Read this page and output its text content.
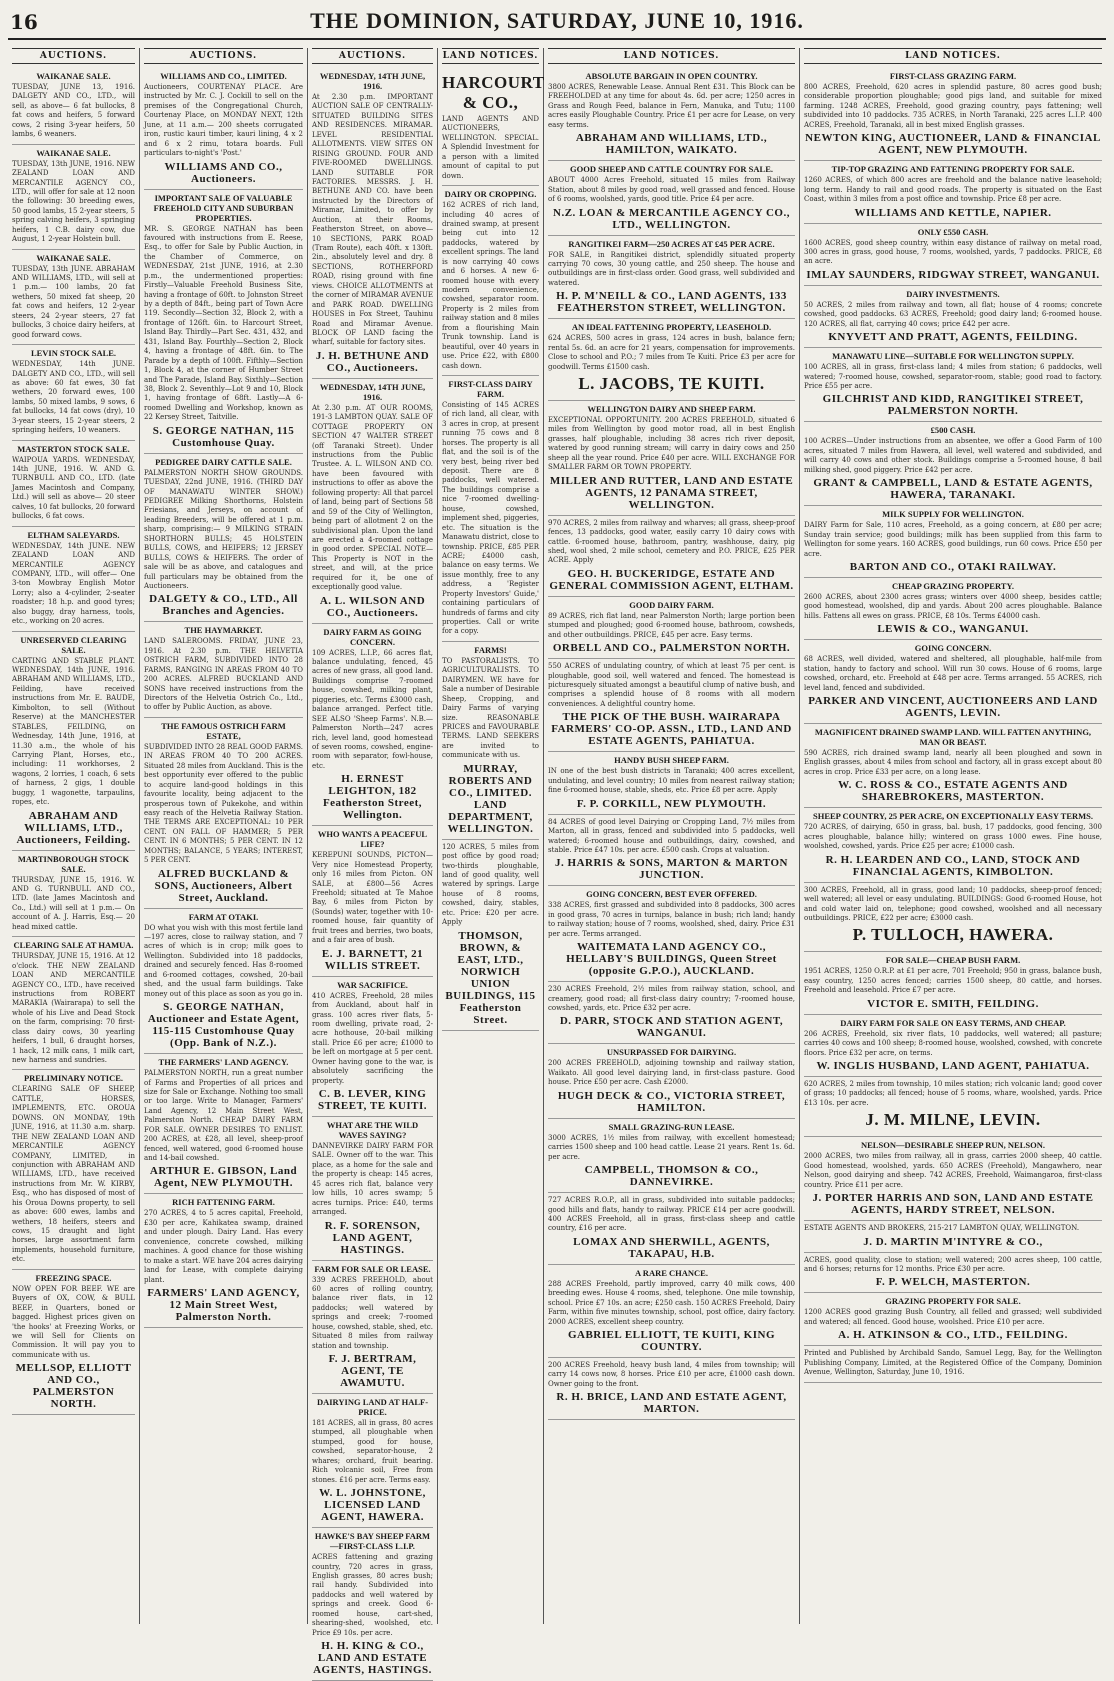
16	THE DOMINION, SATURDAY, JUNE 10, 1916.
AUCTIONS.
WAIKANAE SALE.

TUESDAY, JUNE 13, 1916. DALGETY AND CO., LTD., will sell, as above— 6 fat bullocks, 8 fat cows and heifers, 5 forward cows, 2 rising 3-year heifers, 50 lambs, 6 weaners.

WAIKANAE SALE.

TUESDAY, 13th JUNE, 1916. NEW ZEALAND LOAN AND MERCANTILE AGENCY CO., LTD., will offer for sale at 12 noon the following: 30 breeding ewes, 50 good lambs, 15 2-year steers, 5 spring calving heifers, 3 springing heifers, 1 C.B. dairy cow, due August, 1 2-year Holstein bull.

WAIKANAE SALE.

TUESDAY, 13th JUNE. ABRAHAM AND WILLIAMS, LTD., will sell at 1 p.m.— 100 lambs, 20 fat wethers, 50 mixed fat sheep, 20 fat cows and heifers, 12 2-year steers, 24 2-year steers, 27 fat bullocks, 3 choice dairy heifers, at good forward cows.

LEVIN STOCK SALE.

WEDNESDAY, 14th JUNE. DALGETY AND CO., LTD., will sell as above: 60 fat ewes, 30 fat wethers, 20 forward ewes, 100 lambs, 50 mixed lambs, 9 sows, 6 fat bullocks, 14 fat cows (dry), 10 3-year steers, 15 2-year steers, 2 springing heifers, 10 weaners.

MASTERTON STOCK SALE.

WAIPOUA YARDS. WEDNESDAY, 14th JUNE, 1916. W. AND G. TURNBULL AND CO., LTD. (late James Macintosh and Company, Ltd.) will sell as above— 20 steer calves, 10 fat bullocks, 20 forward bullocks, 6 fat cows.

ELTHAM SALEYARDS.

WEDNESDAY, 14th JUNE. NEW ZEALAND LOAN AND MERCANTILE AGENCY COMPANY, LTD., will offer— One 3-ton Mowbray English Motor Lorry; also a 4-cylinder, 2-seater roadster; 18 h.p. and good tyres; also buggy, dray harness, tools, etc., working on 20 acres.

UNRESERVED CLEARING SALE.

CARTING AND STABLE PLANT. WEDNESDAY, 14th JUNE, 1916. ABRAHAM AND WILLIAMS, LTD., Feilding, have received instructions from Mr. E. BAUDE, Kimbolton, to sell (Without Reserve) at the MANCHESTER STABLES, FEILDING, on Wednesday, 14th June, 1916, at 11.30 a.m., the whole of his Carrying Plant, Horses, etc., including: 11 workhorses, 2 wagons, 2 lorries, 1 coach, 6 sets of harness, 2 gigs, 1 double buggy, 1 wagonette, tarpaulins, ropes, etc.

ABRAHAM AND WILLIAMS, LTD., Auctioneers, Feilding.
MARTINBOROUGH STOCK SALE.

THURSDAY, JUNE 15, 1916. W. AND G. TURNBULL AND CO., LTD. (late James Macintosh and Co., Ltd.) will sell at 1 p.m.— On account of A. J. Harris, Esq.— 20 head mixed cattle.

CLEARING SALE AT HAMUA.

THURSDAY, JUNE 15, 1916. At 12 o'clock. THE NEW ZEALAND LOAN AND MERCANTILE AGENCY CO., LTD., have received instructions from ROBERT MARAKIA (Wairarapa) to sell the whole of his Live and Dead Stock on the farm, comprising: 70 first-class dairy cows, 30 yearling heifers, 1 bull, 6 draught horses, 1 hack, 12 milk cans, 1 milk cart, new harness and sundries.

PRELIMINARY NOTICE.

CLEARING SALE OF SHEEP, CATTLE, HORSES, IMPLEMENTS, ETC. OROUA DOWNS. ON MONDAY, 19th JUNE, 1916, at 11.30 a.m. sharp. THE NEW ZEALAND LOAN AND MERCANTILE AGENCY COMPANY, LIMITED, in conjunction with ABRAHAM AND WILLIAMS, LTD., have received instructions from Mr. W. KIRBY, Esq., who has disposed of most of his Oroua Downs property, to sell as above: 600 ewes, lambs and wethers, 18 heifers, steers and cows, 15 draught and light horses, large assortment farm implements, household furniture, etc.

FREEZING SPACE.

NOW OPEN FOR BEEF. WE are Buyers of OX, COW, & BULL BEEF, in Quarters, boned or bagged. Highest prices given on 'the hooks' at Freezing Works, or we will Sell for Clients on Commission. It will pay you to communicate with us.

MELLSOP, ELLIOTT AND CO., PALMERSTON NORTH.
AUCTIONS.
WILLIAMS AND CO., LIMITED.

Auctioneers, COURTENAY PLACE. Are instructed by Mr. C. J. Cockill to sell on the premises of the Congregational Church, Courtenay Place, on MONDAY NEXT, 12th June, at 11 a.m.— 200 sheets corrugated iron, rustic kauri timber, kauri lining, 4 x 2 and 6 x 2 rimu, totara boards. Full particulars to-night's 'Post.'

WILLIAMS AND CO., Auctioneers.
IMPORTANT SALE OF VALUABLE FREEHOLD CITY AND SUBURBAN PROPERTIES.

MR. S. GEORGE NATHAN has been favoured with instructions from E. Reese, Esq., to offer for Sale by Public Auction, in the Chamber of Commerce, on WEDNESDAY, 21st JUNE, 1916, at 2.30 p.m., the undermentioned properties: Firstly—Valuable Freehold Business Site, having a frontage of 60ft. to Johnston Street by a depth of 84ft., being part of Town Acre 119. Secondly—Section 32, Block 2, with a frontage of 126ft. 6in. to Harcourt Street, Island Bay. Thirdly—Part Sec. 431, 432, and 431, Island Bay. Fourthly—Section 2, Block 4, having a frontage of 48ft. 6in. to The Parade by a depth of 100ft. Fifthly—Section 1, Block 4, at the corner of Humber Street and The Parade, Island Bay. Sixthly—Section 38, Block 2. Seventhly—Lot 9 and 10, Block 1, having frontage of 68ft. Lastly—A 6-roomed Dwelling and Workshop, known as 22 Kersey Street, Taitville.

S. GEORGE NATHAN, 115 Customhouse Quay.
PEDIGREE DAIRY CATTLE SALE.

PALMERSTON NORTH SHOW GROUNDS. TUESDAY, 22nd JUNE, 1916. (THIRD DAY OF MANAWATU WINTER SHOW.) PEDIGREE Milking Shorthorns, Holstein Friesians, and Jerseys, on account of leading Breeders, will be offered at 1 p.m. sharp, comprising:— 9 MILKING STRAIN SHORTHORN BULLS; 45 HOLSTEIN BULLS, COWS, and HEIFERS; 12 JERSEY BULLS, COWS & HEIFERS. The order of sale will be as above, and catalogues and full particulars may be obtained from the Auctioneers.

DALGETY & CO., LTD., All Branches and Agencies.
THE HAYMARKET.

LAND SALEROOMS. FRIDAY, JUNE 23, 1916. At 2.30 p.m. THE HELVETIA OSTRICH FARM, SUBDIVIDED INTO 28 FARMS, RANGING IN AREAS FROM 40 TO 200 ACRES. ALFRED BUCKLAND AND SONS have received instructions from the Directors of the Helvetia Ostrich Co., Ltd., to offer by Public Auction, as above.

THE FAMOUS OSTRICH FARM ESTATE,

SUBDIVIDED INTO 28 REAL GOOD FARMS. IN AREAS FROM 40 TO 200 ACRES. Situated 28 miles from Auckland. This is the best opportunity ever offered to the public to acquire land-good holdings in this favourite locality, being adjacent to the prosperous town of Pukekohe, and within easy reach of the Helvetia Railway Station. THE TERMS ARE EXCEPTIONAL: 10 PER CENT. ON FALL OF HAMMER; 5 PER CENT. IN 6 MONTHS; 5 PER CENT. IN 12 MONTHS; BALANCE, 5 YEARS; INTEREST, 5 PER CENT.

ALFRED BUCKLAND & SONS, Auctioneers, Albert Street, Auckland.
FARM AT OTAKI.

DO what you wish with this most fertile land—197 acres, close to railway station, and 7 acres of which is in crop; milk goes to Wellington. Subdivided into 18 paddocks, drained and securely fenced. Has 8-roomed and 6-roomed cottages, cowshed, 20-bail shed, and the usual farm buildings. Take money out of this place as soon as you go in.

S. GEORGE NATHAN, Auctioneer and Estate Agent, 115-115 Customhouse Quay (Opp. Bank of N.Z.).
THE FARMERS' LAND AGENCY.

PALMERSTON NORTH, run a great number of Farms and Properties of all prices and size for Sale or Exchange. Nothing too small or too large. Write to Manager, Farmers' Land Agency, 12 Main Street West, Palmerston North. CHEAP DAIRY FARM FOR SALE. OWNER DESIRES TO ENLIST. 200 ACRES, at £28, all level, sheep-proof fenced, well watered, good 6-roomed house and 14-bail cowshed.

ARTHUR E. GIBSON, Land Agent, NEW PLYMOUTH.
RICH FATTENING FARM.

270 ACRES, 4 to 5 acres capital, Freehold, £30 per acre, Kahikatea swamp, drained and under plough. Dairy Land. Has every convenience, concrete cowshed, milking machines. A good chance for those wishing to make a start. WE have 204 acres dairying land for Lease, with complete dairying plant.

FARMERS' LAND AGENCY, 12 Main Street West, Palmerston North.
AUCTIONS.
WEDNESDAY, 14TH JUNE, 1916.

At 2.30 p.m. IMPORTANT AUCTION SALE OF CENTRALLY-SITUATED BUILDING SITES AND RESIDENCES. MIRAMAR. LEVEL RESIDENTIAL ALLOTMENTS. VIEW SITES ON RISING GROUND. FOUR AND FIVE-ROOMED DWELLINGS. LAND SUITABLE FOR FACTORIES. MESSRS. J. H. BETHUNE AND CO. have been instructed by the Directors of Miramar, Limited, to offer by Auction, at their Rooms, Featherston Street, on above— 10 SECTIONS, PARK ROAD (Tram Route), each 40ft. x 130ft. 2in., absolutely level and dry. 8 SECTIONS, ROTHERFORD ROAD, rising ground with fine views. CHOICE ALLOTMENTS at the corner of MIRAMAR AVENUE and PARK ROAD. DWELLING HOUSES in Fox Street, Tauhinu Road and Miramar Avenue. BLOCK OF LAND facing the wharf, suitable for factory sites.

J. H. BETHUNE AND CO., Auctioneers.
WEDNESDAY, 14TH JUNE, 1916.

At 2.30 p.m. AT OUR ROOMS, 191-3 LAMBTON QUAY. SALE OF COTTAGE PROPERTY ON SECTION 47 WALTER STREET (off Taranaki Street). Under instructions from the Public Trustee. A. L. WILSON AND CO. have been favoured with instructions to offer as above the following property: All that parcel of land, being part of Sections 58 and 59 of the City of Wellington, being part of allotment 2 on the subdivisional plan. Upon the land are erected a 4-roomed cottage in good order. SPECIAL NOTE—This Property is NOT in the street, and will, at the price required for it, be one of exceptionally good value.

A. L. WILSON AND CO., Auctioneers.
DAIRY FARM AS GOING CONCERN.

109 ACRES, L.I.P., 66 acres flat, balance undulating, fenced, 45 acres of new grass, all good land. Buildings comprise 7-roomed house, cowshed, milking plant, piggeries, etc. Terms £3000 cash, balance arranged. Perfect title. SEE ALSO 'Sheep Farms'. N.B.—Palmerston North—247 acres rich, level land, good homestead of seven rooms, cowshed, engine-room with separator, fowl-house, etc.

H. ERNEST LEIGHTON, 182 Featherston Street, Wellington.
WHO WANTS A PEACEFUL LIFE?

KEREPUNI SOUNDS, PICTON—Very nice Homestead Property, only 16 miles from Picton. ON SALE, at £800—56 Acres Freehold; situated at Te Mahoe Bay, 6 miles from Picton by (Sounds) water, together with 10-roomed house, fair quantity of fruit trees and berries, two boats, and a fair area of bush.

E. J. BARNETT, 21 WILLIS STREET.
WAR SACRIFICE.

410 ACRES, Freehold, 28 miles from Auckland, about half in grass. 100 acres river flats, 5-room dwelling, private road, 2-acre hothouse, 20-bail milking stall. Price £6 per acre; £1000 to be left on mortgage at 5 per cent. Owner having gone to the war, is absolutely sacrificing the property.

C. B. LEVER, KING STREET, TE KUITI.
WHAT ARE THE WILD WAVES SAYING?

DANNEVIRKE DAIRY FARM FOR SALE. Owner off to the war. This place, as a home for the sale and the property is cheap: 145 acres, 45 acres rich flat, balance very low hills, 10 acres swamp; 5 acres turnips. Price: £40, terms arranged.

R. F. SORENSON, LAND AGENT, HASTINGS.
FARM FOR SALE OR LEASE.

339 ACRES FREEHOLD, about 60 acres of rolling country, balance river flats, in 12 paddocks; well watered by springs and creek; 7-roomed house, cowshed, stable, shed, etc. Situated 8 miles from railway station and township.

F. J. BERTRAM, AGENT, TE AWAMUTU.
DAIRYING LAND AT HALF-PRICE.

181 ACRES, all in grass, 80 acres stumped, all ploughable when stumped, good for house, cowshed, separator-house, 2 whares; orchard, fruit bearing. Rich volcanic soil, Free from stones. £16 per acre. Terms easy.

W. L. JOHNSTONE, LICENSED LAND AGENT, HAWERA.
HAWKE'S BAY SHEEP FARM—FIRST-CLASS L.I.P.

ACRES fattening and grazing country, 720 acres in grass, English grasses, 80 acres bush; rail handy. Subdivided into paddocks and well watered by springs and creek. Good 6-roomed house, cart-shed, shearing-shed, woolshed, etc. Price £9 10s. per acre.

H. H. KING & CO., LAND AND ESTATE AGENTS, HASTINGS.
LAND NOTICES.
HARCOURT & CO.,

LAND AGENTS AND AUCTIONEERS, WELLINGTON. SPECIAL. A Splendid Investment for a person with a limited amount of capital to put down.

DAIRY OR CROPPING.

162 ACRES of rich land, including 40 acres of drained swamp, at present being cut into 12 paddocks, watered by excellent springs. The land is now carrying 40 cows and 6 horses. A new 6-roomed house with every modern convenience, cowshed, separator room. Property is 2 miles from railway station and 8 miles from a flourishing Main Trunk township. Land is beautiful, over 40 years in use. Price £22, with £800 cash down.

FIRST-CLASS DAIRY FARM.

Consisting of 145 ACRES of rich land, all clear, with 3 acres in crop, at present running 75 cows and 8 horses. The property is all flat, and the soil is of the very best, being river bed deposit. There are 8 paddocks, well watered. The buildings comprise a nice 7-roomed dwelling-house, cowshed, implement shed, piggeries, etc. The situation is the Manawatu district, close to township. PRICE, £85 PER ACRE; £4000 cash, balance on easy terms. We issue monthly, free to any address, a 'Register Property Investors' Guide,' containing particulars of hundreds of farms and city properties. Call or write for a copy.

FARMS!

TO PASTORALISTS. TO AGRICULTURALISTS. TO DAIRYMEN. WE have for Sale a number of Desirable Sheep, Cropping, and Dairy Farms of varying size. REASONABLE PRICES and FAVOURABLE TERMS. LAND SEEKERS are invited to communicate with us.

MURRAY, ROBERTS AND CO., LIMITED. LAND DEPARTMENT, WELLINGTON.

120 ACRES, 5 miles from post office by good road; two-thirds ploughable, land of good quality, well watered by springs. Large house of 8 rooms, cowshed, dairy, stables, etc. Price: £20 per acre. Apply

THOMSON, BROWN, & EAST, LTD., NORWICH UNION BUILDINGS, 115 Featherston Street.
LAND NOTICES.
ABSOLUTE BARGAIN IN OPEN COUNTRY.

3800 ACRES, Renewable Lease. Annual Rent £31. This Block can be FREEHOLDED at any time for about 4s. 6d. per acre; 1250 acres in Grass and Rough Feed, balance in Fern, Manuka, and Tutu; 1100 acres easily Ploughable Country. Price £1 per acre for Lease, on very easy terms.

ABRAHAM AND WILLIAMS, LTD., HAMILTON, WAIKATO.
GOOD SHEEP AND CATTLE COUNTRY FOR SALE.

ABOUT 4000 Acres Freehold, situated 15 miles from Railway Station, about 8 miles by good road, well grassed and fenced. House of 6 rooms, woolshed, yards, good title. Price £4 per acre.

N.Z. LOAN & MERCANTILE AGENCY CO., LTD., WELLINGTON.
RANGITIKEI FARM—250 ACRES AT £45 PER ACRE.

FOR SALE, in Rangitikei district, splendidly situated property carrying 70 cows, 30 young cattle, and 250 sheep. The house and outbuildings are in first-class order. Good grass, well subdivided and watered.

H. P. M'NEILL & CO., LAND AGENTS, 133 FEATHERSTON STREET, WELLINGTON.
AN IDEAL FATTENING PROPERTY, LEASEHOLD.

624 ACRES, 500 acres in grass, 124 acres in bush, balance fern; rental 5s. 6d. an acre for 21 years, compensation for improvements. Close to school and P.O.; 7 miles from Te Kuiti. Price £3 per acre for goodwill. Terms £1500 cash.

L. JACOBS, TE KUITI.
WELLINGTON DAIRY AND SHEEP FARM.

EXCEPTIONAL OPPORTUNITY. 200 ACRES FREEHOLD, situated 6 miles from Wellington by good motor road, all in best English grasses, half ploughable, including 38 acres rich river deposit, watered by good running stream; will carry in dairy cows and 250 sheep all the year round. Price £40 per acre. WILL EXCHANGE FOR SMALLER FARM OR TOWN PROPERTY.

MILLER AND RUTTER, LAND AND ESTATE AGENTS, 12 PANAMA STREET, WELLINGTON.

970 ACRES, 2 miles from railway and wharves; all grass, sheep-proof fences, 13 paddocks, good water, easily carry 10 dairy cows with cattle. 6-roomed house, bathroom, pantry, washhouse, dairy, pig shed, wool shed, 2 mile school, cemetery and P.O. PRICE, £25 PER ACRE. Apply

GEO. H. BUCKERIDGE, ESTATE AND GENERAL COMMISSION AGENT, ELTHAM.
GOOD DAIRY FARM.

89 ACRES, rich flat land, near Palmerston North; large portion been stumped and ploughed; good 6-roomed house, bathroom, cowsheds, and other outbuildings. PRICE, £45 per acre. Easy terms.

ORBELL AND CO., PALMERSTON NORTH.

550 ACRES of undulating country, of which at least 75 per cent. is ploughable, good soil, well watered and fenced. The homestead is picturesquely situated amongst a beautiful clump of native bush, and comprises a splendid house of 8 rooms with all modern conveniences. A delightful country home.

THE PICK OF THE BUSH. WAIRARAPA FARMERS' CO-OP. ASSN., LTD., LAND AND ESTATE AGENTS, PAHIATUA.
HANDY BUSH SHEEP FARM.

IN one of the best bush districts in Taranaki; 400 acres excellent, undulating, and level country; 10 miles from nearest railway station; fine 6-roomed house, stable, sheds, etc. Price £8 per acre. Apply

F. P. CORKILL, NEW PLYMOUTH.

84 ACRES of good level Dairying or Cropping Land, 7½ miles from Marton, all in grass, fenced and subdivided into 5 paddocks, well watered; 6-roomed house and outbuildings, dairy, cowshed, and stable. Price £47 10s. per acre. £500 cash. Crops at valuation.

J. HARRIS & SONS, MARTON & MARTON JUNCTION.
GOING CONCERN, BEST EVER OFFERED.

338 ACRES, first grassed and subdivided into 8 paddocks, 300 acres in good grass, 70 acres in turnips, balance in bush; rich land; handy to railway station; house of 7 rooms, woolshed, shed, dairy. Price £31 per acre. Terms arranged.

WAITEMATA LAND AGENCY CO., HELLABY'S BUILDINGS, Queen Street (opposite G.P.O.), AUCKLAND.

230 ACRES Freehold, 2½ miles from railway station, school, and creamery, good road; all first-class dairy country; 7-roomed house, cowshed, yards, etc. Price £32 per acre.

D. PARR, STOCK AND STATION AGENT, WANGANUI.
UNSURPASSED FOR DAIRYING.

200 ACRES FREEHOLD, adjoining township and railway station, Waikato. All good level dairying land, in first-class pasture. Good house. Price £50 per acre. Cash £2000.

HUGH DECK & CO., VICTORIA STREET, HAMILTON.
SMALL GRAZING-RUN LEASE.

3000 ACRES, 1½ miles from railway, with excellent homestead; carries 1500 sheep and 100 head cattle. Lease 21 years. Rent 1s. 6d. per acre.

CAMPBELL, THOMSON & CO., DANNEVIRKE.

727 ACRES R.O.P., all in grass, subdivided into suitable paddocks; good hills and flats, handy to railway. PRICE £14 per acre goodwill. 400 ACRES Freehold, all in grass, first-class sheep and cattle country, £16 per acre.

LOMAX AND SHERWILL, AGENTS, TAKAPAU, H.B.
A RARE CHANCE.

288 ACRES Freehold, partly improved, carry 40 milk cows, 400 breeding ewes. House 4 rooms, shed, telephone. One mile township, school. Price £7 10s. an acre; £250 cash. 150 ACRES Freehold, Dairy Farm, within five minutes township, school, post office, dairy factory. 2000 ACRES, excellent sheep country.

GABRIEL ELLIOTT, TE KUITI, KING COUNTRY.

200 ACRES Freehold, heavy bush land, 4 miles from township; will carry 14 cows now, 8 horses. Price £10 per acre, £1000 cash down. Owner going to the front.

R. H. BRICE, LAND AND ESTATE AGENT, MARTON.
LAND NOTICES.
FIRST-CLASS GRAZING FARM.

800 ACRES, Freehold, 620 acres in splendid pasture, 80 acres good bush; considerable proportion ploughable; good pigs land, and suitable for mixed farming. 1248 ACRES, Freehold, good grazing country, pays fattening; well subdivided into 10 paddocks. 735 ACRES, in North Taranaki, 225 acres L.I.P. 400 ACRES, Freehold, Taranaki, all in best mixed English grasses.

NEWTON KING, AUCTIONEER, LAND & FINANCIAL AGENT, NEW PLYMOUTH.
TIP-TOP GRAZING AND FATTENING PROPERTY FOR SALE.

1260 ACRES, of which 800 acres are freehold and the balance native leasehold; long term. Handy to rail and good roads. The property is situated on the East Coast, within 3 miles from a post office and township. Price £8 per acre.

WILLIAMS AND KETTLE, NAPIER.
ONLY £550 CASH.

1600 ACRES, good sheep country, within easy distance of railway on metal road, 300 acres in grass, good house, 7 rooms, woolshed, yards, 7 paddocks. PRICE, £8 an acre.

IMLAY SAUNDERS, RIDGWAY STREET, WANGANUI.
DAIRY INVESTMENTS.

50 ACRES, 2 miles from railway and town, all flat; house of 4 rooms; concrete cowshed, good paddocks. 63 ACRES, Freehold; good dairy land; 6-roomed house. 120 ACRES, all flat, carrying 40 cows; price £42 per acre.

KNYVETT AND PRATT, AGENTS, FEILDING.
MANAWATU LINE—SUITABLE FOR WELLINGTON SUPPLY.

100 ACRES, all in grass, first-class land; 4 miles from station; 6 paddocks, well watered; 7-roomed house, cowshed, separator-room, stable; good road to factory. Price £55 per acre.

GILCHRIST AND KIDD, RANGITIKEI STREET, PALMERSTON NORTH.
£500 CASH.

100 ACRES—Under instructions from an absentee, we offer a Good Farm of 100 acres, situated 7 miles from Hawera, all level, well watered and subdivided, and will carry 40 cows and other stock. Buildings comprise a 5-roomed house, 8 bail milking shed, good piggery. Price £42 per acre.

GRANT & CAMPBELL, LAND & ESTATE AGENTS, HAWERA, TARANAKI.
MILK SUPPLY FOR WELLINGTON.

DAIRY Farm for Sale, 110 acres, Freehold, as a going concern, at £80 per acre; Sunday train service; good buildings; milk has been supplied from this farm to Wellington for some years. 160 ACRES, good buildings, run 60 cows. Price £50 per acre.

BARTON AND CO., OTAKI RAILWAY.
CHEAP GRAZING PROPERTY.

2600 ACRES, about 2300 acres grass; winters over 4000 sheep, besides cattle; good homestead, woolshed, dip and yards. About 200 acres ploughable. Balance hills. Fattens all ewes on grass. PRICE, £8 10s. Terms £4000 cash.

LEWIS & CO., WANGANUI.
GOING CONCERN.

68 ACRES, well divided, watered and sheltered, all ploughable, half-mile from station, handy to factory and school. Will run 30 cows. House of 6 rooms, large cowshed, orchard, etc. Freehold at £48 per acre. Terms arranged. 55 ACRES, rich level land, fenced and subdivided.

PARKER AND VINCENT, AUCTIONEERS AND LAND AGENTS, LEVIN.
MAGNIFICENT DRAINED SWAMP LAND. WILL FATTEN ANYTHING, MAN OR BEAST.

590 ACRES, rich drained swamp land, nearly all been ploughed and sown in English grasses, about 4 miles from school and factory, all in grass except about 80 acres in crop. Price £33 per acre, on a long lease.

W. C. ROSS & CO., ESTATE AGENTS AND SHAREBROKERS, MASTERTON.
SHEEP COUNTRY, 25 PER ACRE, ON EXCEPTIONALLY EASY TERMS.

720 ACRES, of dairying, 650 in grass, bal. bush, 17 paddocks, good fencing, 300 acres ploughable, balance hilly; wintered on grass 1000 ewes. Fine house, woolshed, cowshed, yards. Price £25 per acre; £1000 cash.

R. H. LEARDEN AND CO., LAND, STOCK AND FINANCIAL AGENTS, KIMBOLTON.

300 ACRES, Freehold, all in grass, good land; 10 paddocks, sheep-proof fenced; well watered; all level or easy undulating. BUILDINGS: Good 6-roomed House, hot and cold water laid on, telephone; good cowshed, woolshed and all necessary outbuildings. PRICE, £22 per acre; £3000 cash.

P. TULLOCH, HAWERA.
FOR SALE—CHEAP BUSH FARM.

1951 ACRES, 1250 O.R.P. at £1 per acre, 701 Freehold; 950 in grass, balance bush, easy country, 1250 acres fenced; carries 1500 sheep, 80 cattle, and horses. Freehold and leasehold. Price £7 per acre.

VICTOR E. SMITH, FEILDING.
DAIRY FARM FOR SALE ON EASY TERMS, AND CHEAP.

206 ACRES, Freehold, six river flats, 10 paddocks, well watered; all pasture; carries 40 cows and 100 sheep; 8-roomed house, woolshed, cowshed, with concrete floors. Price £32 per acre, on terms.

W. INGLIS HUSBAND, LAND AGENT, PAHIATUA.

620 ACRES, 2 miles from township, 10 miles station; rich volcanic land; good cover of grass; 10 paddocks; all fenced; house of 5 rooms, whare, woolshed, yards. Price £13 10s. per acre.

J. M. MILNE, LEVIN.
NELSON—DESIRABLE SHEEP RUN, NELSON.

2000 ACRES, two miles from railway, all in grass, carries 2000 sheep, 40 cattle. Good homestead, woolshed, yards. 650 ACRES (Freehold), Mangawhero, near Nelson, good dairying and sheep. 742 ACRES, Freehold, Waimangaroa, first-class country. Price £11 per acre.

J. PORTER HARRIS AND SON, LAND AND ESTATE AGENTS, HARDY STREET, NELSON.

ESTATE AGENTS AND BROKERS, 215-217 LAMBTON QUAY, WELLINGTON.

J. D. MARTIN M'INTYRE & CO.,

ACRES, good quality, close to station; well watered; 200 acres sheep, 100 cattle, and 6 horses; returns for 12 months. Price £30 per acre.

F. P. WELCH, MASTERTON.
GRAZING PROPERTY FOR SALE.

1200 ACRES good grazing Bush Country, all felled and grassed; well subdivided and watered; all fenced. Good house, woolshed. Price £10 per acre.

A. H. ATKINSON & CO., LTD., FEILDING.

Printed and Published by Archibald Sando, Samuel Legg, Bay, for the Wellington Publishing Company, Limited, at the Registered Office of the Company, Dominion Avenue, Wellington, Saturday, June 10, 1916.
